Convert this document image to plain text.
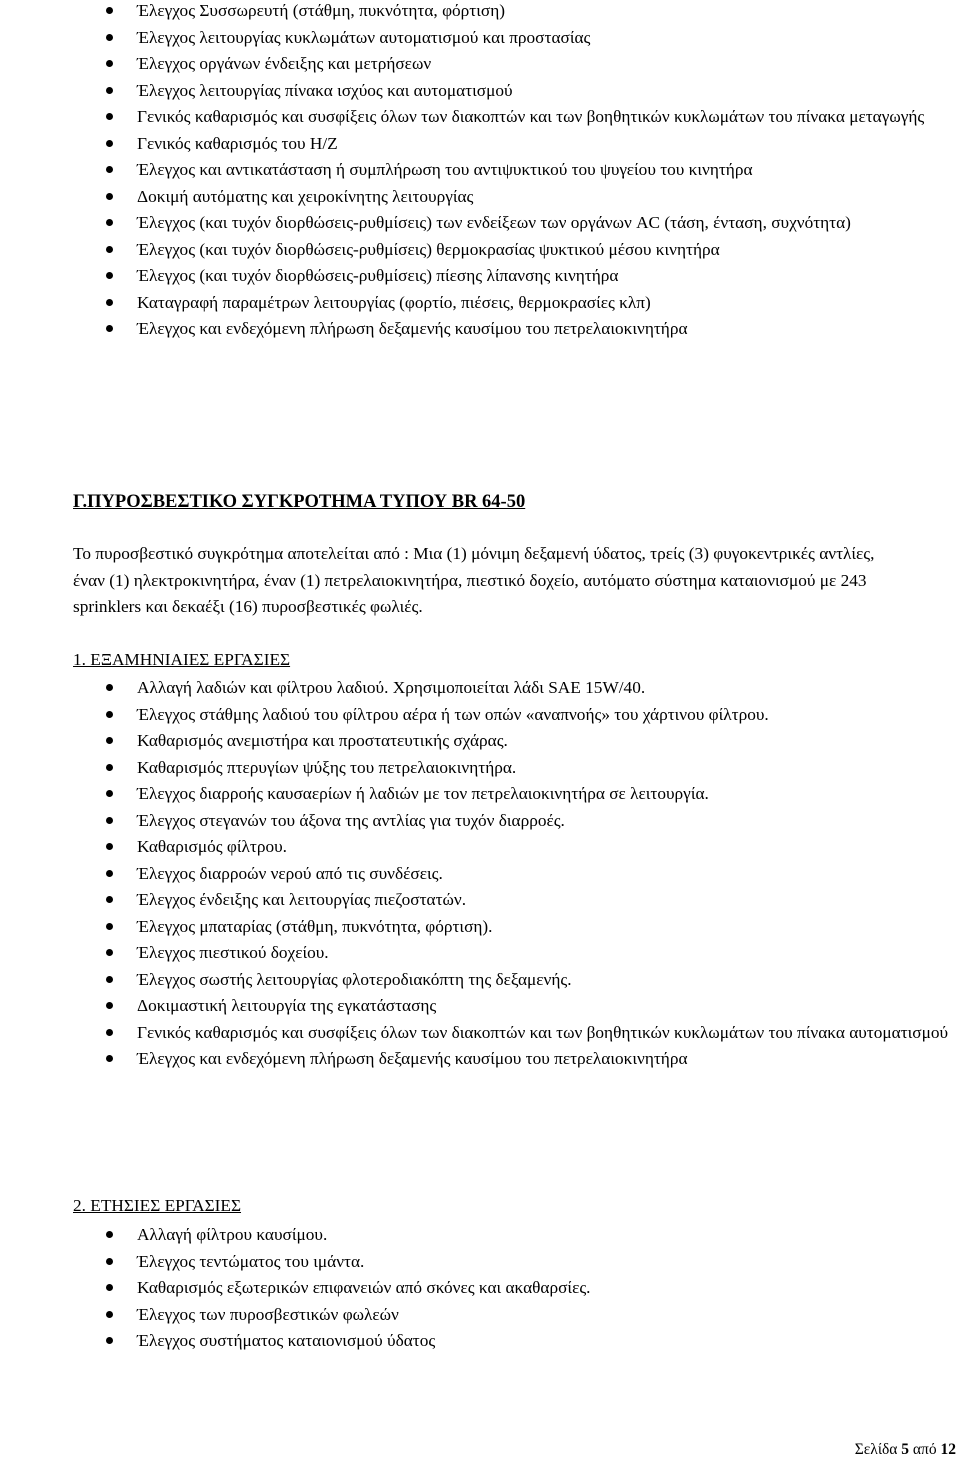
Έλεγχος Συσσωρευτή (στάθμη, πυκνότητα, φόρτιση)
Έλεγχος λειτουργίας κυκλωμάτων αυτοματισμού και προστασίας
Έλεγχος οργάνων ένδειξης και μετρήσεων
Έλεγχος λειτουργίας πίνακα ισχύος και αυτοματισμού
Γενικός καθαρισμός και συσφίξεις όλων των διακοπτών και των βοηθητικών κυκλωμάτων του πίνακα μεταγωγής
Γενικός καθαρισμός του Η/Ζ
Έλεγχος και αντικατάσταση ή συμπλήρωση του αντιψυκτικού του ψυγείου του κινητήρα
Δοκιμή αυτόματης και χειροκίνητης λειτουργίας
Έλεγχος (και τυχόν διορθώσεις-ρυθμίσεις) των ενδείξεων των οργάνων AC (τάση, ένταση, συχνότητα)
Έλεγχος (και τυχόν διορθώσεις-ρυθμίσεις) θερμοκρασίας ψυκτικού μέσου κινητήρα
Έλεγχος (και τυχόν διορθώσεις-ρυθμίσεις) πίεσης λίπανσης κινητήρα
Καταγραφή παραμέτρων λειτουργίας (φορτίο, πιέσεις, θερμοκρασίες κλπ)
Έλεγχος και ενδεχόμενη πλήρωση δεξαμενής καυσίμου του πετρελαιοκινητήρα
Γ.ΠΥΡΟΣΒΕΣΤΙΚΟ ΣΥΓΚΡΟΤΗΜΑ ΤΥΠΟΥ BR 64-50

Το πυροσβεστικό συγκρότημα αποτελείται από : Μια (1) μόνιμη δεξαμενή ύδατος, τρείς (3) φυγοκεντρικές αντλίες, έναν (1) ηλεκτροκινητήρα, έναν (1) πετρελαιοκινητήρα, πιεστικό δοχείο, αυτόματο σύστημα καταιονισμού με 243 sprinklers και δεκαέξι (16) πυροσβεστικές φωλιές.

1. ΕΞΑΜΗΝΙΑΙΕΣ ΕΡΓΑΣΙΕΣ
Αλλαγή λαδιών και φίλτρου λαδιού. Χρησιμοποιείται λάδι SAE 15W/40.
Έλεγχος στάθμης λαδιού του φίλτρου αέρα ή των οπών «αναπνοής» του χάρτινου φίλτρου.
Καθαρισμός ανεμιστήρα και προστατευτικής σχάρας.
Καθαρισμός πτερυγίων ψύξης του πετρελαιοκινητήρα.
Έλεγχος διαρροής καυσαερίων ή λαδιών με τον πετρελαιοκινητήρα σε λειτουργία.
Έλεγχος στεγανών του άξονα της αντλίας για τυχόν διαρροές.
Καθαρισμός φίλτρου.
Έλεγχος διαρροών νερού από τις συνδέσεις.
Έλεγχος ένδειξης και λειτουργίας πιεζοστατών.
Έλεγχος μπαταρίας (στάθμη, πυκνότητα, φόρτιση).
Έλεγχος πιεστικού δοχείου.
Έλεγχος σωστής λειτουργίας φλοτεροδιακόπτη της δεξαμενής.
Δοκιμαστική λειτουργία της εγκατάστασης
Γενικός καθαρισμός και συσφίξεις όλων των διακοπτών και των βοηθητικών κυκλωμάτων του πίνακα αυτοματισμού
Έλεγχος και ενδεχόμενη πλήρωση δεξαμενής καυσίμου του πετρελαιοκινητήρα
2. ΕΤΗΣΙΕΣ ΕΡΓΑΣΙΕΣ
Αλλαγή φίλτρου καυσίμου.
Έλεγχος τεντώματος του ιμάντα.
Καθαρισμός εξωτερικών επιφανειών από σκόνες και ακαθαρσίες.
Έλεγχος των πυροσβεστικών φωλεών
Έλεγχος συστήματος καταιονισμού ύδατος
Σελίδα 5 από 12
